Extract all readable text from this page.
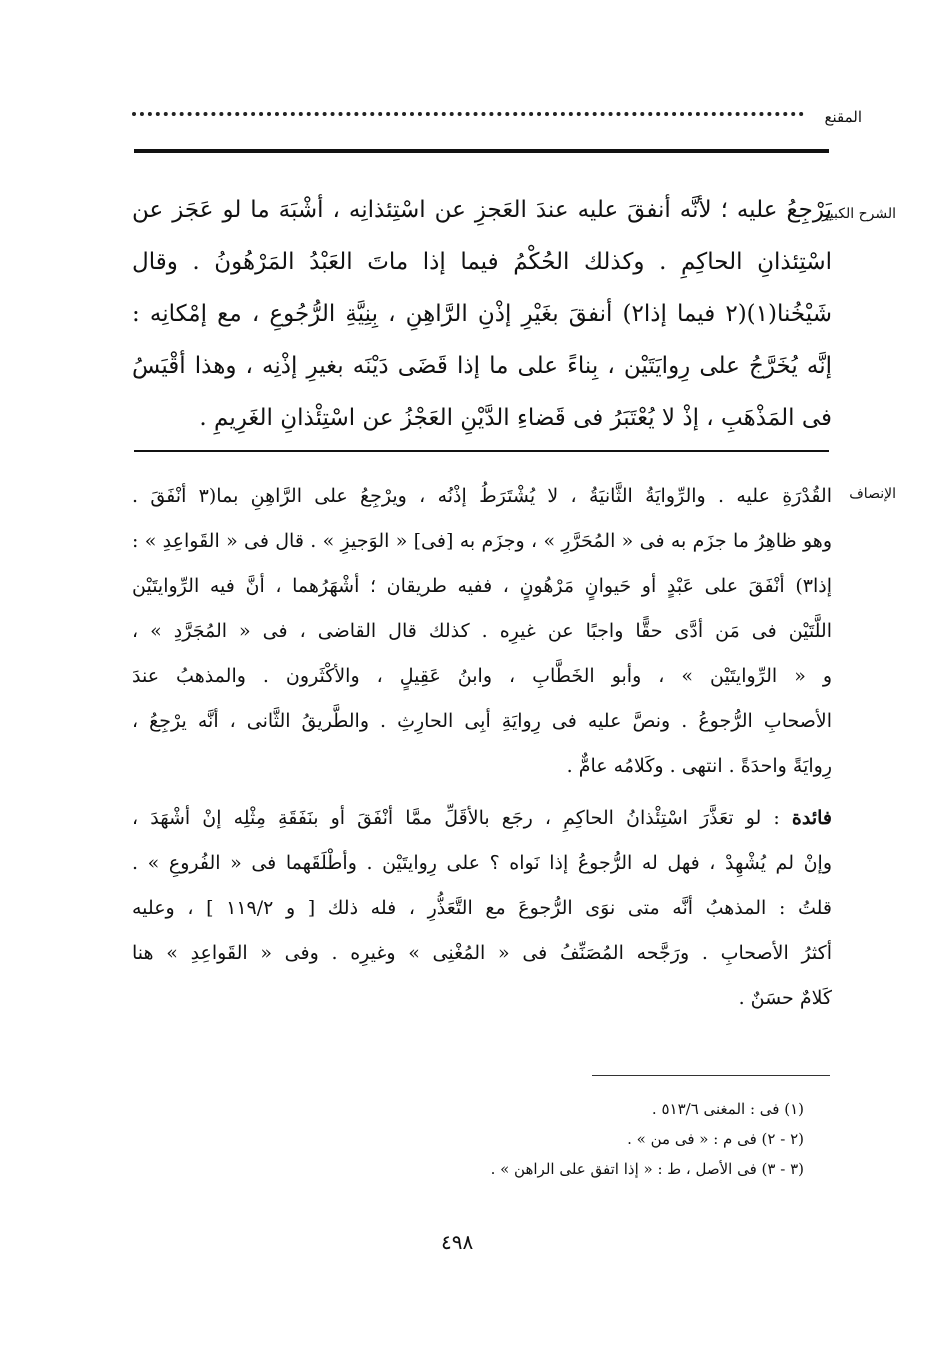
المقنع
الشرح الكبير
يَرْجِعُ عليه ؛ لأنَّه أنفقَ عليه عندَ العَجزِ عن اسْتِئذانِه ، أشْبَهَ ما لو عَجَز عن
اسْتِئذانِ الحاكِمِ . وكذلك الحُكْمُ فيما إذا ماتَ العَبْدُ المَرْهُونُ . وقال
شَيْخُنا(١)(٢ فيما إذا٢) أنفقَ بغَيْرِ إذْنِ الرَّاهِنِ ، بِنِيَّةِ الرُّجُوعِ ، مع إمْكانِه :
إنَّه يُخَرَّجُ على رِوايَتَيْن ، بِناءً على ما إذا قَضَى دَيْنَه بغيرِ إذْنِه ، وهذا أقْيَسُ
فى المَذْهَبِ ، إذْ لا يُعْتَبَرُ فى قَضاءِ الدَّيْنِ العَجْزُ عن اسْتِئْذانِ الغَرِيمِ .
الإنصاف
القُدْرَةِ عليه . والرِّوايَةُ الثَّانيَةُ ، لا يُشْتَرَطُ إذْنُه ، ويرْجِعُ على الرَّاهِنِ بما(٣ أنْفَقَ .
وهو ظاهِرُ ما جزَم به فى « المُحَرَّرِ » ، وجزَم به [فى] « الوَجيزِ » . قال فى « القَواعِدِ » :
إذا٣) أنْفَقَ على عَبْدٍ أو حَيوانٍ مَرْهُونٍ ، ففيه طريقان ؛ أشْهَرُهما ، أنَّ فيه الرِّوايتَيْن
اللَّتَيْن فى مَن أدَّى حقًّا واجبًا عن غيرِه . كذلك قال القاضى ، فى « المُجَرَّدِ » ،
و « الرِّوايتَيْن » ، وأبو الخَطَّابِ ، وابنُ عَقِيلٍ ، والأكْثَرون . والمذهبُ عندَ
الأصحابِ الرُّجوعُ . ونصَّ عليه فى رِوايَةِ أبِى الحارِثِ . والطَّريقُ الثَّانى ، أنَّه يرْجِعُ ،
رِوايَةً واحدَةً . انتهى . وكَلامُه عامٌّ .
فائدة : لو تعَذَّرَ اسْتِئْذانُ الحاكِمِ ، رجَع بالأقَلِّ ممَّا أنْفَقَ أو بنَفَقَةِ مِثْلِه إنْ أشْهَدَ ،
وإنْ لم يُشْهِدْ ، فهل له الرُّجوعُ إذا نَواه ؟ على رِوايتَيْن . وأطْلَقَهما فى « الفُروعِ » .
قلتُ : المذهبُ أنَّه متى نوَى الرُّجوعَ مع التَّعَذُّرِ ، فله ذلك [ و ١١٩/٢ ] ، وعليه
أكثرُ الأصحابِ . ورَجَّحه المُصَنِّفُ فى « المُغْنِى » وغيرِه . وفى « القَواعِدِ » هنا
كَلامٌ حسَنٌ .
(١) فى : المغنى ٥١٣/٦ .
(٢ - ٢) فى م : « فى من » .
(٣ - ٣) فى الأصل ، ط : « إذا اتفق على الراهن » .
٤٩٨
